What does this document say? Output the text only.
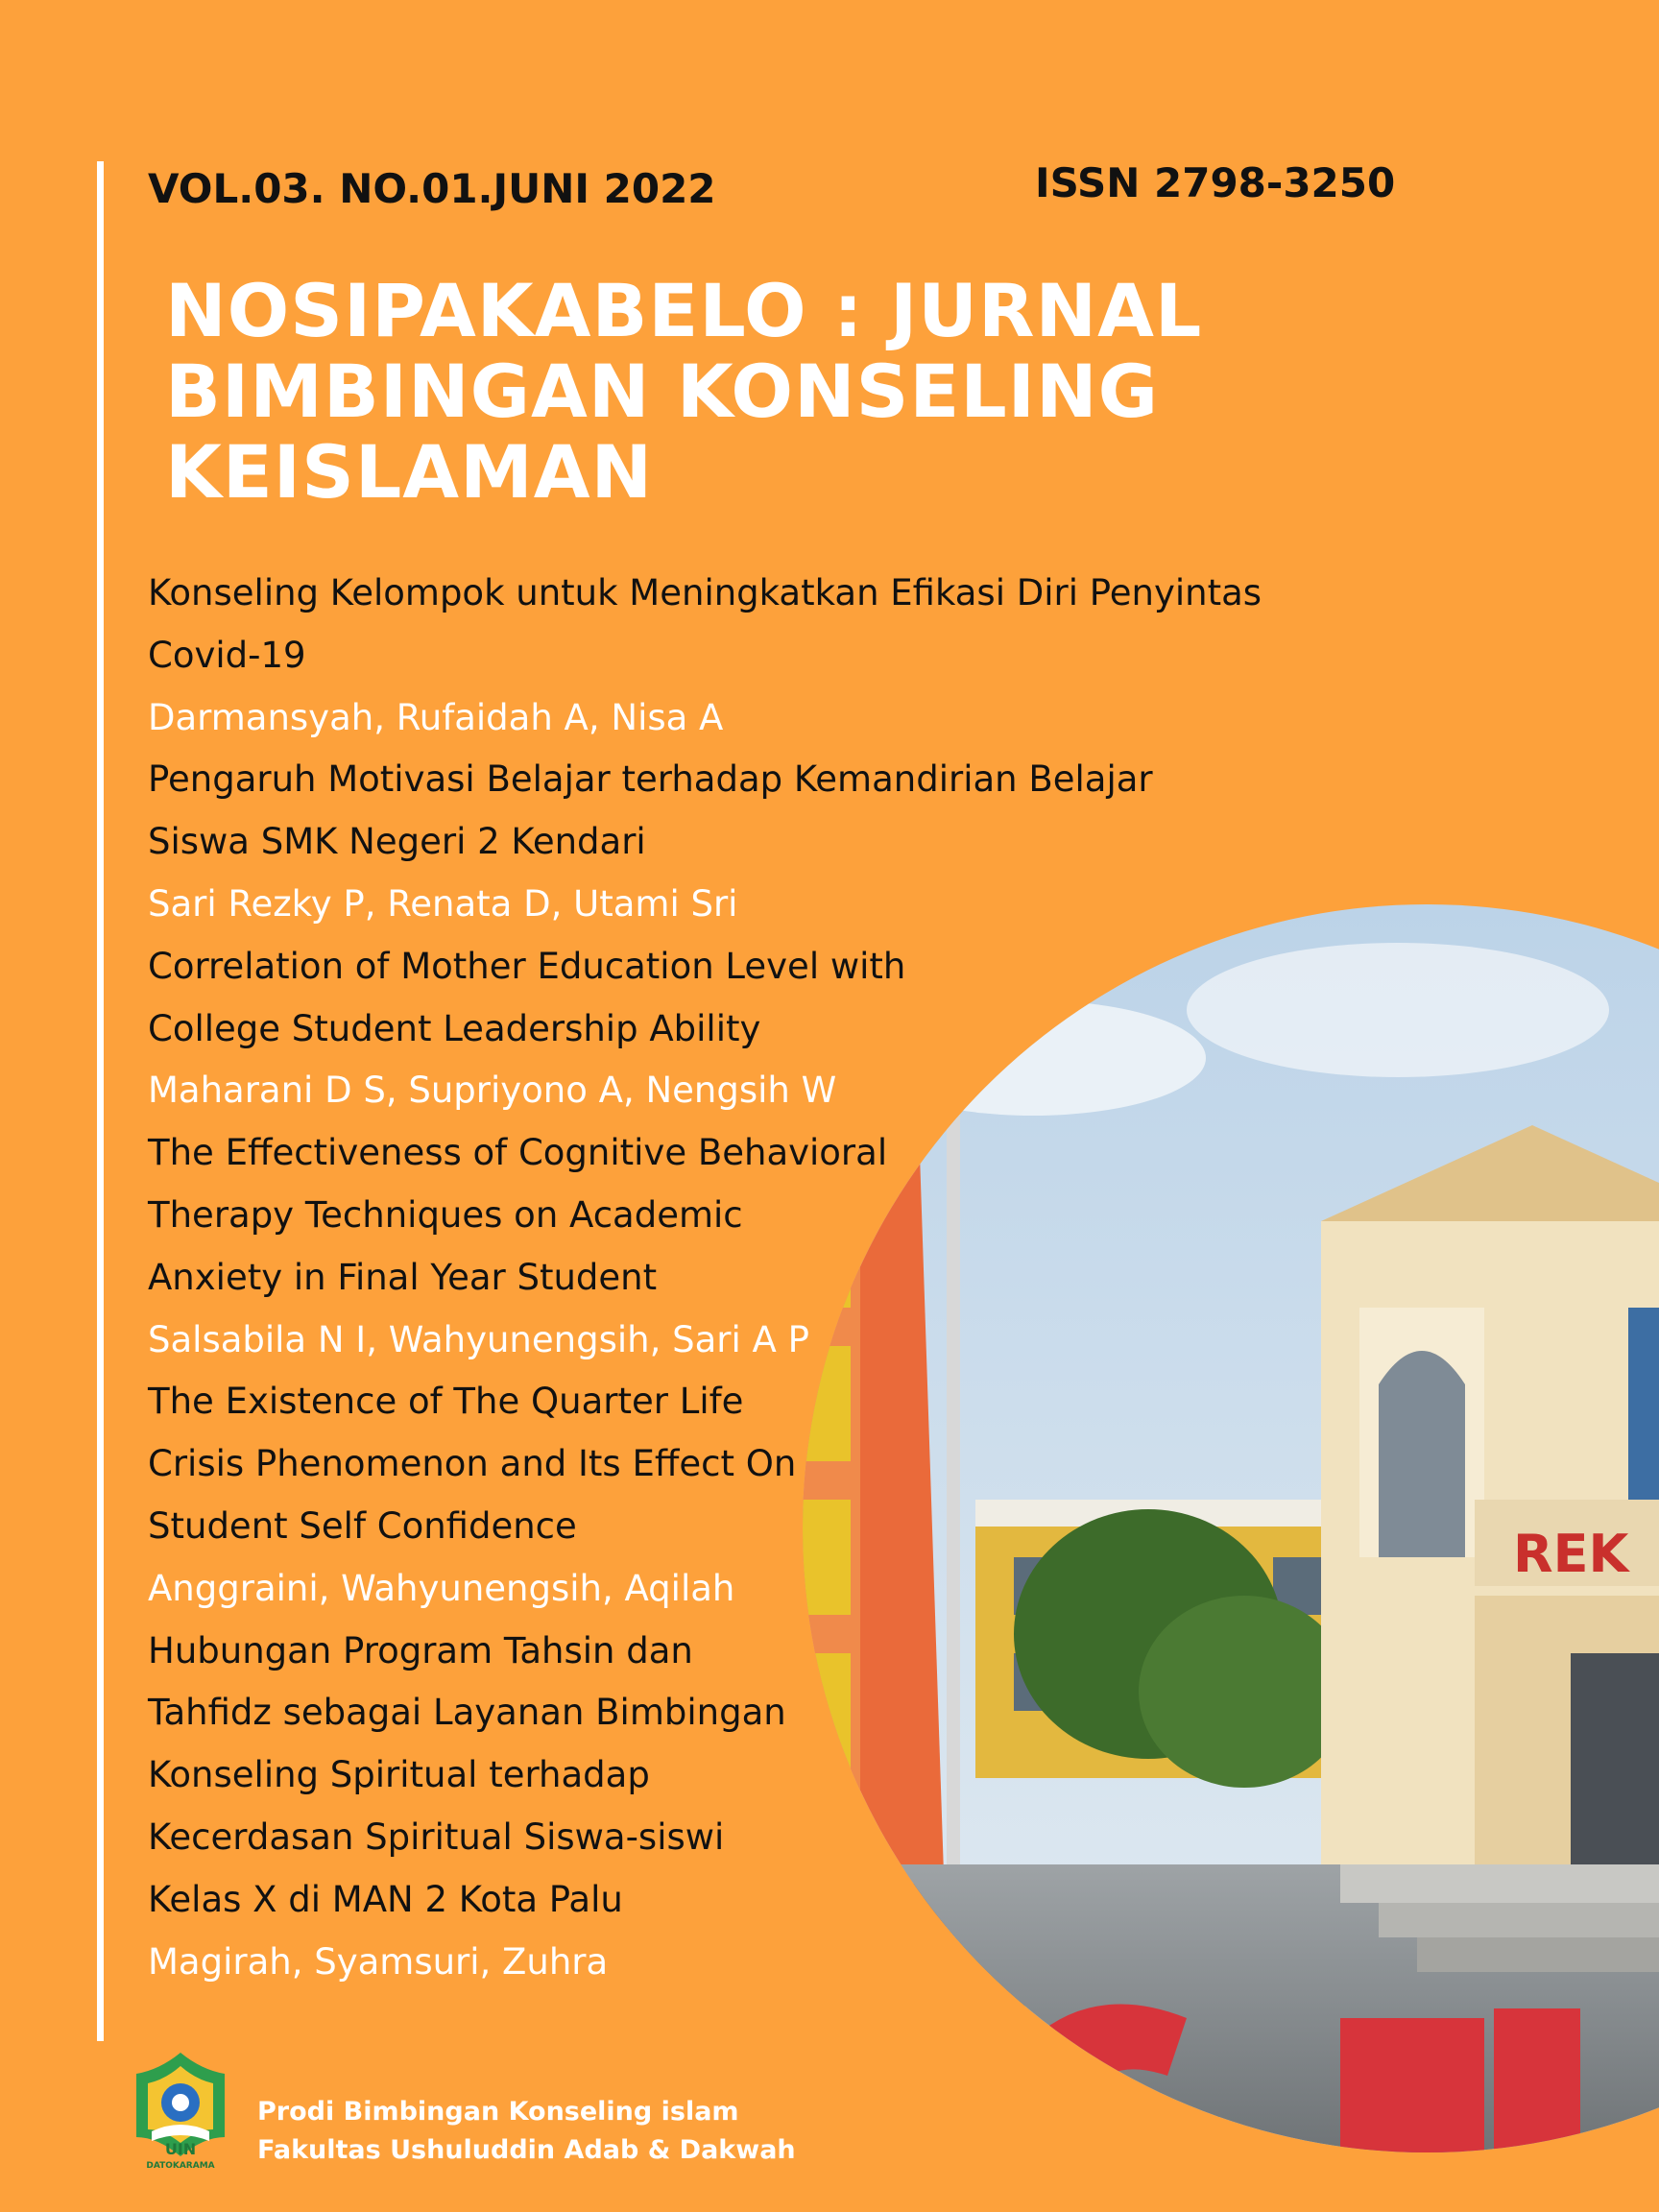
VOL.03. NO.01.JUNI 2022	ISSN 2798-3250
NOSIPAKABELO : JURNAL
BIMBINGAN KONSELING
KEISLAMAN
REK
Konseling Kelompok untuk Meningkatkan Efikasi Diri Penyintas
Covid-19
Darmansyah, Rufaidah A, Nisa A
Pengaruh Motivasi Belajar terhadap Kemandirian Belajar
Siswa SMK Negeri 2 Kendari
Sari Rezky P, Renata D, Utami Sri
Correlation of Mother Education Level with
College Student Leadership Ability
Maharani D S, Supriyono A, Nengsih W
The Effectiveness of Cognitive Behavioral
Therapy Techniques on Academic
Anxiety in Final Year Student
Salsabila N I, Wahyunengsih, Sari A P
The Existence of The Quarter Life
Crisis Phenomenon and Its Effect On
Student Self Confidence
Anggraini, Wahyunengsih, Aqilah
Hubungan Program Tahsin dan
Tahfidz sebagai Layanan Bimbingan
Konseling Spiritual terhadap
Kecerdasan Spiritual Siswa-siswi
Kelas X di MAN 2 Kota Palu
Magirah, Syamsuri, Zuhra
UIN
DATOKARAMA
Prodi Bimbingan Konseling islam
Fakultas Ushuluddin Adab & Dakwah
